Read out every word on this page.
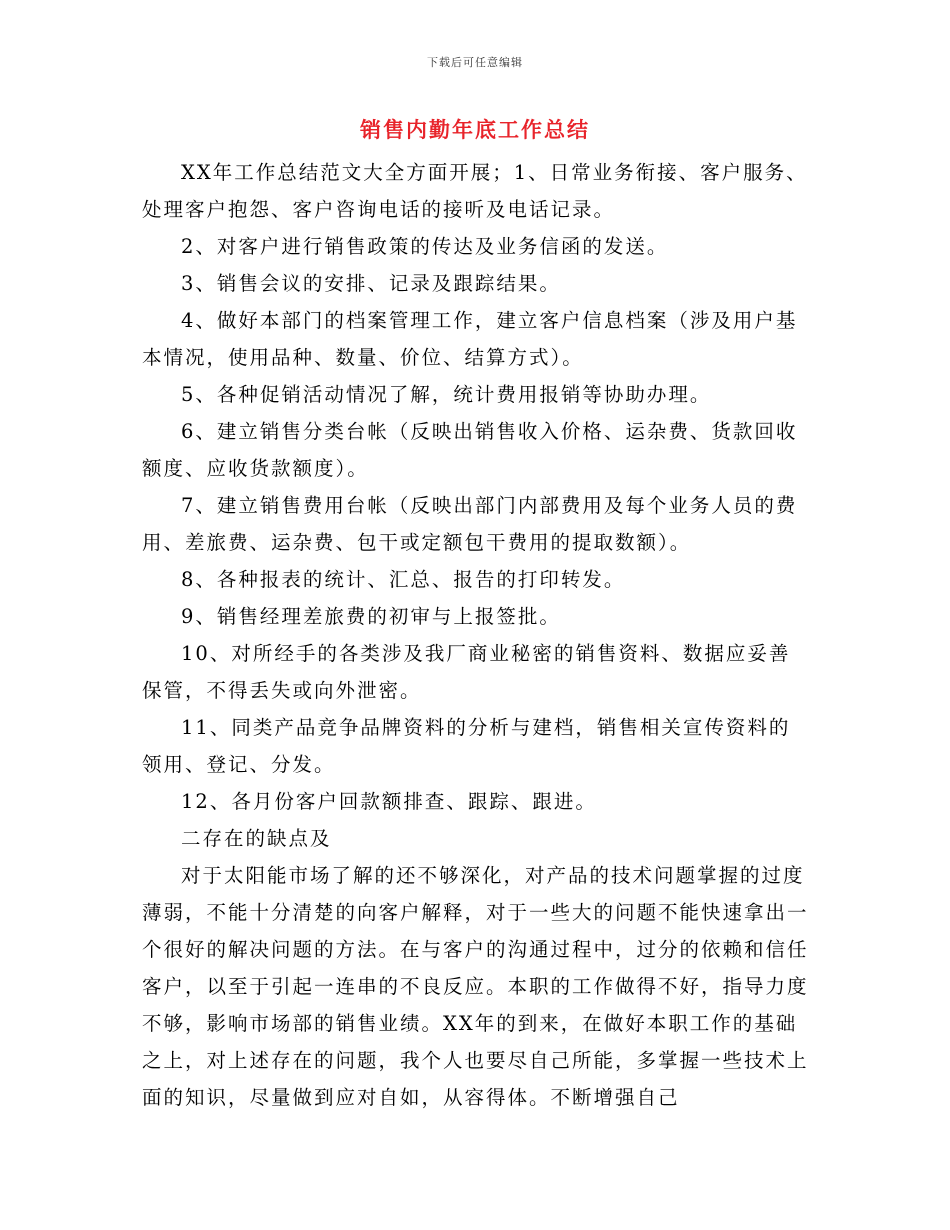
下载后可任意编辑
销售内勤年底工作总结

XX年工作总结范文大全方面开展；1、日常业务衔接、客户服务、处理客户抱怨、客户咨询电话的接听及电话记录。

2、对客户进行销售政策的传达及业务信函的发送。

3、销售会议的安排、记录及跟踪结果。

4、做好本部门的档案管理工作，建立客户信息档案（涉及用户基本情况，使用品种、数量、价位、结算方式）。

5、各种促销活动情况了解，统计费用报销等协助办理。

6、建立销售分类台帐（反映出销售收入价格、运杂费、货款回收额度、应收货款额度）。

7、建立销售费用台帐（反映出部门内部费用及每个业务人员的费用、差旅费、运杂费、包干或定额包干费用的提取数额）。

8、各种报表的统计、汇总、报告的打印转发。

9、销售经理差旅费的初审与上报签批。

10、对所经手的各类涉及我厂商业秘密的销售资料、数据应妥善保管，不得丢失或向外泄密。

11、同类产品竞争品牌资料的分析与建档，销售相关宣传资料的领用、登记、分发。

12、各月份客户回款额排查、跟踪、跟进。

二存在的缺点及

对于太阳能市场了解的还不够深化，对产品的技术问题掌握的过度薄弱，不能十分清楚的向客户解释，对于一些大的问题不能快速拿出一个很好的解决问题的方法。在与客户的沟通过程中，过分的依赖和信任客户，以至于引起一连串的不良反应。本职的工作做得不好，指导力度不够，影响市场部的销售业绩。XX年的到来，在做好本职工作的基础之上，对上述存在的问题，我个人也要尽自己所能，多掌握一些技术上面的知识，尽量做到应对自如，从容得体。不断增强自己
